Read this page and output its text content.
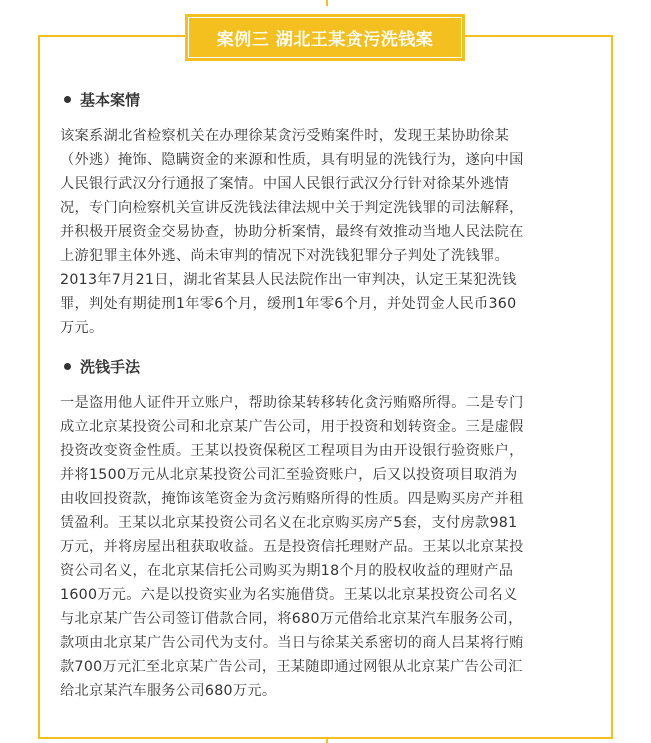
案例三 湖北王某贪污洗钱案
基本案情

该案系湖北省检察机关在办理徐某贪污受贿案件时，发现王某协助徐某
（外逃）掩饰、隐瞒资金的来源和性质，具有明显的洗钱行为，遂向中国
人民银行武汉分行通报了案情。中国人民银行武汉分行针对徐某外逃情
况，专门向检察机关宣讲反洗钱法律法规中关于判定洗钱罪的司法解释，
并积极开展资金交易协查，协助分析案情，最终有效推动当地人民法院在
上游犯罪主体外逃、尚未审判的情况下对洗钱犯罪分子判处了洗钱罪。
2013年7月21日，湖北省某县人民法院作出一审判决，认定王某犯洗钱
罪，判处有期徒刑1年零6个月，缓刑1年零6个月，并处罚金人民币360
万元。

洗钱手法

一是盗用他人证件开立账户，帮助徐某转移转化贪污贿赂所得。二是专门
成立北京某投资公司和北京某广告公司，用于投资和划转资金。三是虚假
投资改变资金性质。王某以投资保税区工程项目为由开设银行验资账户，
并将1500万元从北京某投资公司汇至验资账户，后又以投资项目取消为
由收回投资款，掩饰该笔资金为贪污贿赂所得的性质。四是购买房产并租
赁盈利。王某以北京某投资公司名义在北京购买房产5套，支付房款981
万元，并将房屋出租获取收益。五是投资信托理财产品。王某以北京某投
资公司名义，在北京某信托公司购买为期18个月的股权收益的理财产品
1600万元。六是以投资实业为名实施借贷。王某以北京某投资公司名义
与北京某广告公司签订借款合同，将680万元借给北京某汽车服务公司，
款项由北京某广告公司代为支付。当日与徐某关系密切的商人吕某将行贿
款700万元汇至北京某广告公司，王某随即通过网银从北京某广告公司汇
给北京某汽车服务公司680万元。
